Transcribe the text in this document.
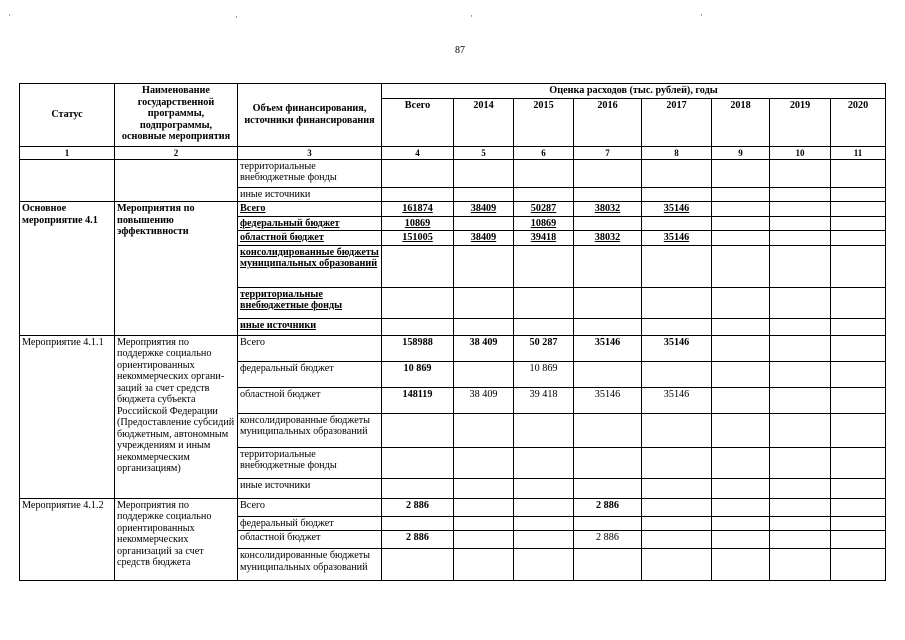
·	·	·	·
87
Статус	Наименование государственной программы, подпрограммы, основные мероприятия	Объем финансирования, источники финансирования	Оценка расходов (тыс. рублей), годы							
			Всего	2014	2015	2016	2017	2018	2019	2020
1	2	3	4	5	6	7	8	9	10	11
		территориальные внебюджетные фонды								
		иные источники								
Основное мероприятие 4.1	Мероприятия по повышению эффективности	Всего	161874	38409	50287	38032	35146			
		федеральный бюджет	10869		10869					
		областной бюджет	151005	38409	39418	38032	35146			
		консолидированные бюджеты муниципальных образований								
		территориальные внебюджетные фонды								
		иные источники								
Мероприятие 4.1.1	Мероприятия по поддержке социально ориентированных некоммерческих органи-заций за счет средств бюджета субъекта Российской Федерации (Предоставление субсидий бюджетным, автономным учреждениям и иным некоммерческим организациям)	Всего	158988	38 409	50 287	35146	35146			
		федеральный бюджет	10 869		10 869					
		областной бюджет	148119	38 409	39 418	35146	35146			
		консолидированные бюджеты муниципальных образований								
		территориальные внебюджетные фонды								
		иные источники								
Мероприятие 4.1.2	Мероприятия по поддержке социально ориентированных некоммерческих организаций за счет средств бюджета	Всего	2 886			2 886				
		федеральный бюджет								
		областной бюджет	2 886			2 886				
		консолидированные бюджеты муниципальных образований								
